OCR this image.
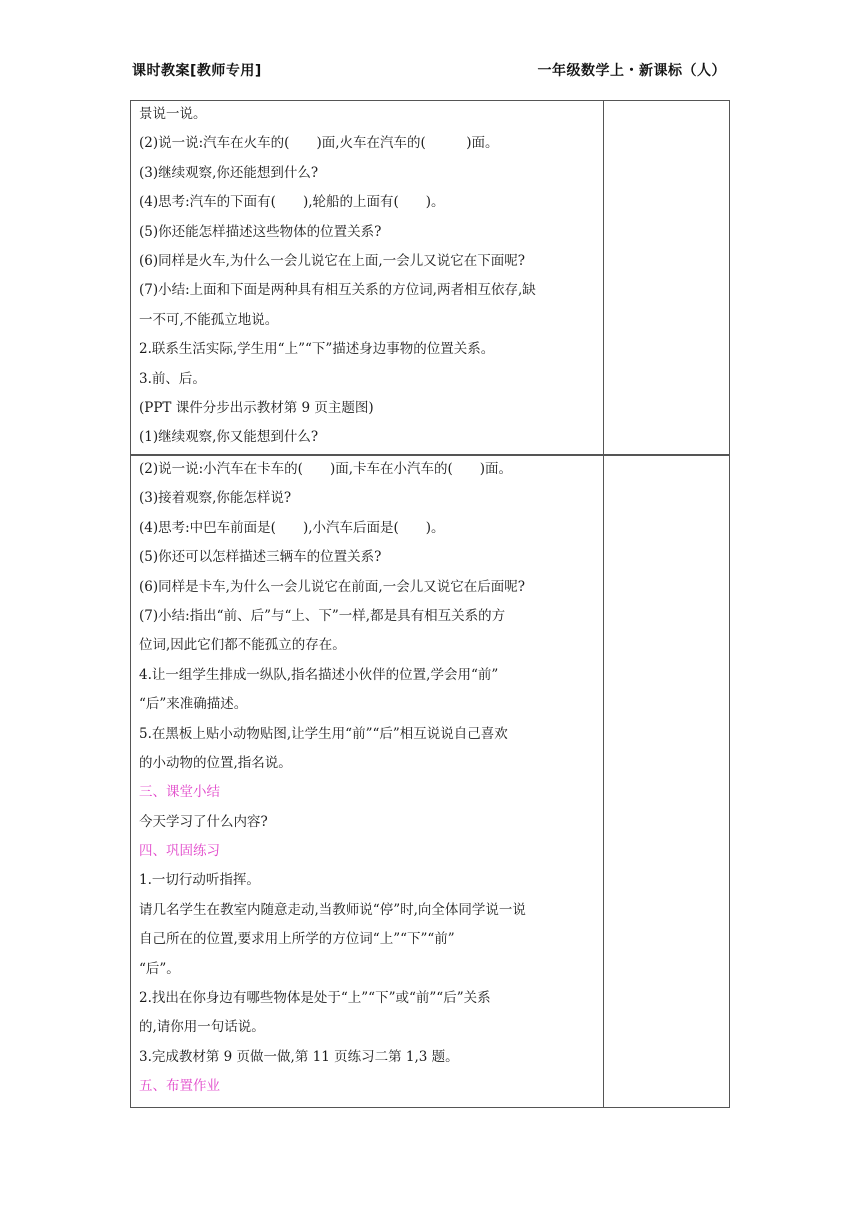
课时教案[教师专用]	一年级数学上・新课标（人）
景说一说。
(2)说一说:汽车在火车的(　　)面,火车在汽车的(　　　)面。
(3)继续观察,你还能想到什么?
(4)思考:汽车的下面有(　　),轮船的上面有(　　)。
(5)你还能怎样描述这些物体的位置关系?
(6)同样是火车,为什么一会儿说它在上面,一会儿又说它在下面呢?
(7)小结:上面和下面是两种具有相互关系的方位词,两者相互依存,缺
一不可,不能孤立地说。
2.联系生活实际,学生用“上”“下”描述身边事物的位置关系。
3.前、后。
(PPT 课件分步出示教材第 9 页主题图)
(1)继续观察,你又能想到什么?
(2)说一说:小汽车在卡车的(　　)面,卡车在小汽车的(　　)面。
(3)接着观察,你能怎样说?
(4)思考:中巴车前面是(　　),小汽车后面是(　　)。
(5)你还可以怎样描述三辆车的位置关系?
(6)同样是卡车,为什么一会儿说它在前面,一会儿又说它在后面呢?
(7)小结:指出“前、后”与“上、下”一样,都是具有相互关系的方
位词,因此它们都不能孤立的存在。
4.让一组学生排成一纵队,指名描述小伙伴的位置,学会用“前”
“后”来准确描述。
5.在黑板上贴小动物贴图,让学生用“前”“后”相互说说自己喜欢
的小动物的位置,指名说。
三、课堂小结
今天学习了什么内容?
四、巩固练习
1.一切行动听指挥。
请几名学生在教室内随意走动,当教师说“停”时,向全体同学说一说
自己所在的位置,要求用上所学的方位词“上”“下”“前”
“后”。
2.找出在你身边有哪些物体是处于“上”“下”或“前”“后”关系
的,请你用一句话说。
3.完成教材第 9 页做一做,第 11 页练习二第 1,3 题。
五、布置作业
